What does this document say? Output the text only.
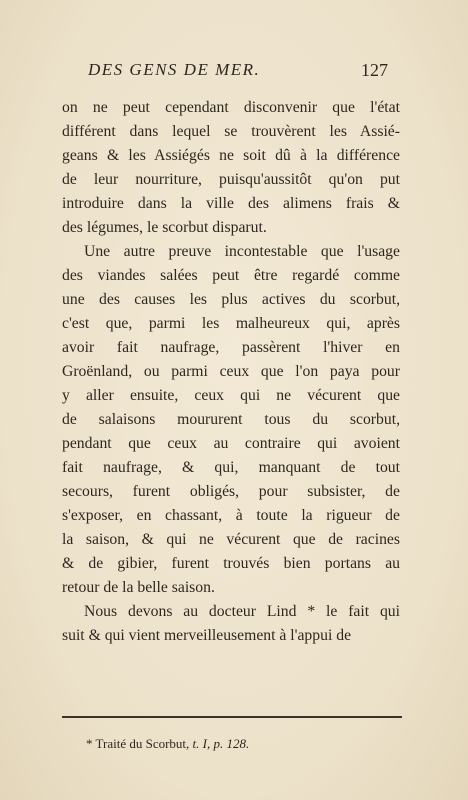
DES GENS DE MER.	127

on ne peut cependant disconvenir que l'état
différent dans lequel se trouvèrent les Assié-
geans & les Assiégés ne soit dû à la différence
de leur nourriture, puisqu'aussitôt qu'on put
introduire dans la ville des alimens frais &
des légumes, le scorbut disparut.

Une autre preuve incontestable que l'usage
des viandes salées peut être regardé comme
une des causes les plus actives du scorbut,
c'est que, parmi les malheureux qui, après
avoir fait naufrage, passèrent l'hiver en
Groënland, ou parmi ceux que l'on paya pour
y aller ensuite, ceux qui ne vécurent que
de salaisons moururent tous du scorbut,
pendant que ceux au contraire qui avoient
fait naufrage, & qui, manquant de tout
secours, furent obligés, pour subsister, de
s'exposer, en chassant, à toute la rigueur de
la saison, & qui ne vécurent que de racines
& de gibier, furent trouvés bien portans au
retour de la belle saison.

Nous devons au docteur Lind * le fait qui
suit & qui vient merveilleusement à l'appui de

* Traité du Scorbut, t. I, p. 128.
